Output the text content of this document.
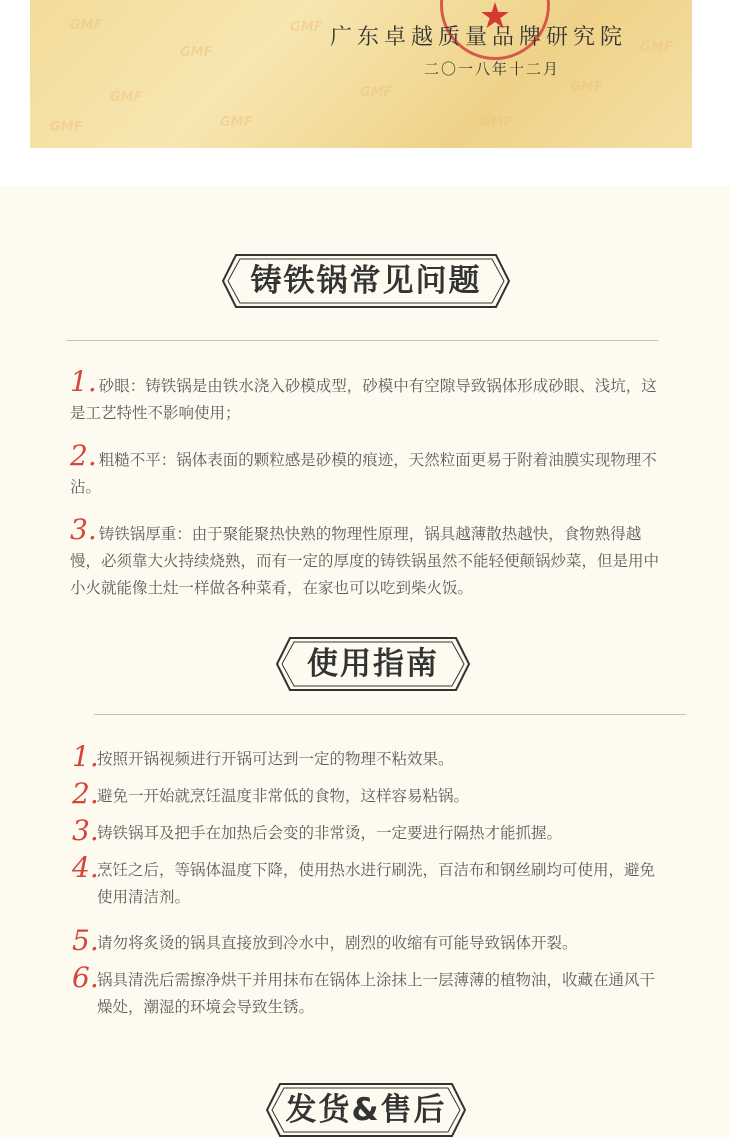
GMF
GMF
GMF
GMF
GMF
GMF
GMF
GMF
GMF
GMF
★
广东卓越质量品牌研究院
二〇一八年十二月
铸铁锅常见问题
1. 砂眼：铸铁锅是由铁水浇入砂模成型，砂模中有空隙导致锅体形成砂眼、浅坑，这是工艺特性不影响使用；
2. 粗糙不平：锅体表面的颗粒感是砂模的痕迹，天然粒面更易于附着油膜实现物理不沾。
3. 铸铁锅厚重：由于聚能聚热快熟的物理性原理，锅具越薄散热越快，食物熟得越慢，必须靠大火持续烧熟，而有一定的厚度的铸铁锅虽然不能轻便颠锅炒菜，但是用中小火就能像土灶一样做各种菜肴，在家也可以吃到柴火饭。
使用指南
1.
按照开锅视频进行开锅可达到一定的物理不粘效果。
2.
避免一开始就烹饪温度非常低的食物，这样容易粘锅。
3.
铸铁锅耳及把手在加热后会变的非常烫，一定要进行隔热才能抓握。
4.
烹饪之后，等锅体温度下降，使用热水进行刷洗，百洁布和钢丝刷均可使用，避免使用清洁剂。
5.
请勿将炙烫的锅具直接放到冷水中，剧烈的收缩有可能导致锅体开裂。
6.
锅具清洗后需擦净烘干并用抹布在锅体上涂抹上一层薄薄的植物油，收藏在通风干燥处，潮湿的环境会导致生锈。
发货&售后
